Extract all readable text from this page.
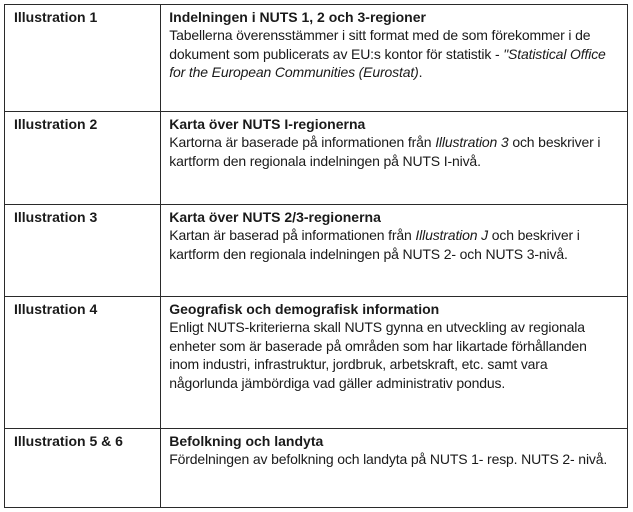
Illustration 1	Indelningen i NUTS 1, 2 och 3-regioner
Tabellerna överensstämmer i sitt format med de som förekommer i de dokument som publicerats av EU:s kontor för statistik - "Statistical Office for the European Communities (Eurostat).

Illustration 2	Karta över NUTS I-regionerna
Kartorna är baserade på informationen från Illustration 3 och beskriver i kartform den regionala indelningen på NUTS I-nivå.

Illustration 3	Karta över NUTS 2/3-regionerna
Kartan är baserad på informationen från Illustration J och beskriver i kartform den regionala indelningen på NUTS 2- och NUTS 3-nivå.

Illustration 4	Geografisk och demografisk information
Enligt NUTS-kriterierna skall NUTS gynna en utveckling av regionala enheter som är baserade på områden som har likartade förhållanden inom industri, infrastruktur, jordbruk, arbetskraft, etc. samt vara någorlunda jämbördiga vad gäller administrativ pondus.

Illustration 5 & 6	Befolkning och landyta
Fördelningen av befolkning och landyta på NUTS 1- resp. NUTS 2- nivå.
